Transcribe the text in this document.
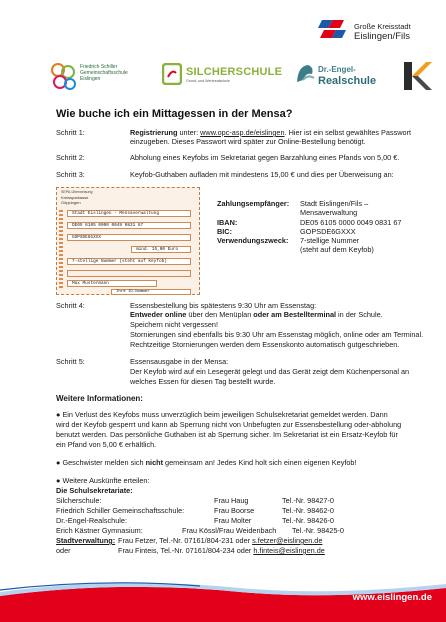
Große Kreisstadt
Eislingen/Fils
Friedrich Schiller
Gemeinschaftsschule
Eislingen
SILCHERSCHULE
Grund- und Werkrealschule
Dr.-Engel-
Realschule
Wie buche ich ein Mittagessen in der Mensa?
Schritt 1:	Registrierung unter: www.opc-asp.de/eislingen. Hier ist ein selbst gewähltes Passwort
einzugeben. Dieses Passwort wird später zur Online-Bestellung benötigt.
Schritt 2:	Abholung eines Keyfobs im Sekretariat gegen Barzahlung eines Pfands von 5,00 €.
Schritt 3:	Keyfob-Guthaben aufladen mit mindestens 15,00 € und dies per Überweisung an:
SEPA-Überweisung
Kreissparkasse
Göppingen
Stadt Eislingen - Mensaverwaltung
DE05 6105 0000 0049 0831 67
GOPSDE6GXXX
mind. 15,00 Euro
7-stellige Nummer (steht auf Keyfob)
Max Mustermann
Ihre ID-Nummer
Zahlungsempfänger: Stadt Eislingen/Fils –
Mensaverwaltung
IBAN:	DE05 6105 0000 0049 0831 67
BIC:	GOPSDE6GXXX
Verwendungszweck: 7-stellige Nummer
(steht auf dem Keyfob)
Schritt 4:	Essensbestellung bis spätestens 9:30 Uhr am Essenstag:
Entweder online über den Menüplan oder am Bestellterminal in der Schule.
Speichern nicht vergessen!
Stornierungen sind ebenfalls bis 9:30 Uhr am Essenstag möglich, online oder am Terminal.
Rechtzeitige Stornierungen werden dem Essenskonto automatisch gutgeschrieben.
Schritt 5:	Essensausgabe in der Mensa:
Der Keyfob wird auf ein Lesegerät gelegt und das Gerät zeigt dem Küchenpersonal an
welches Essen für diesen Tag bestellt wurde.
Weitere Informationen:
● Ein Verlust des Keyfobs muss unverzüglich beim jeweiligen Schulsekretariat gemeldet werden. Dann
wird der Keyfob gesperrt und kann ab Sperrung nicht von Unbefugten zur Essensbestellung oder-abholung
benutzt werden. Das persönliche Guthaben ist ab Sperrung sicher. Im Sekretariat ist ein Ersatz-Keyfob für
ein Pfand von 5,00 € erhältlich.
● Geschwister melden sich nicht gemeinsam an! Jedes Kind holt sich einen eigenen Keyfob!
● Weitere Auskünfte erteilen:
Die Schulsekretariate:
Silcherschule:	Frau Haug	Tel.-Nr. 98427-0
Friedrich Schiller Gemeinschaftsschule:	Frau Boorse	Tel.-Nr. 98462-0
Dr.-Engel-Realschule:	Frau Molter	Tel.-Nr. 98426-0
Erich Kästner Gymnasium:	Frau Kössl/Frau Weidenbach Tel.-Nr. 98425-0
Stadtverwaltung: Frau Fetzer, Tel.-Nr. 07161/804-231 oder s.fetzer@eislingen.de
oder	Frau Finteis, Tel.-Nr. 07161/804-234 oder h.finteis@eislingen.de
www.eislingen.de
